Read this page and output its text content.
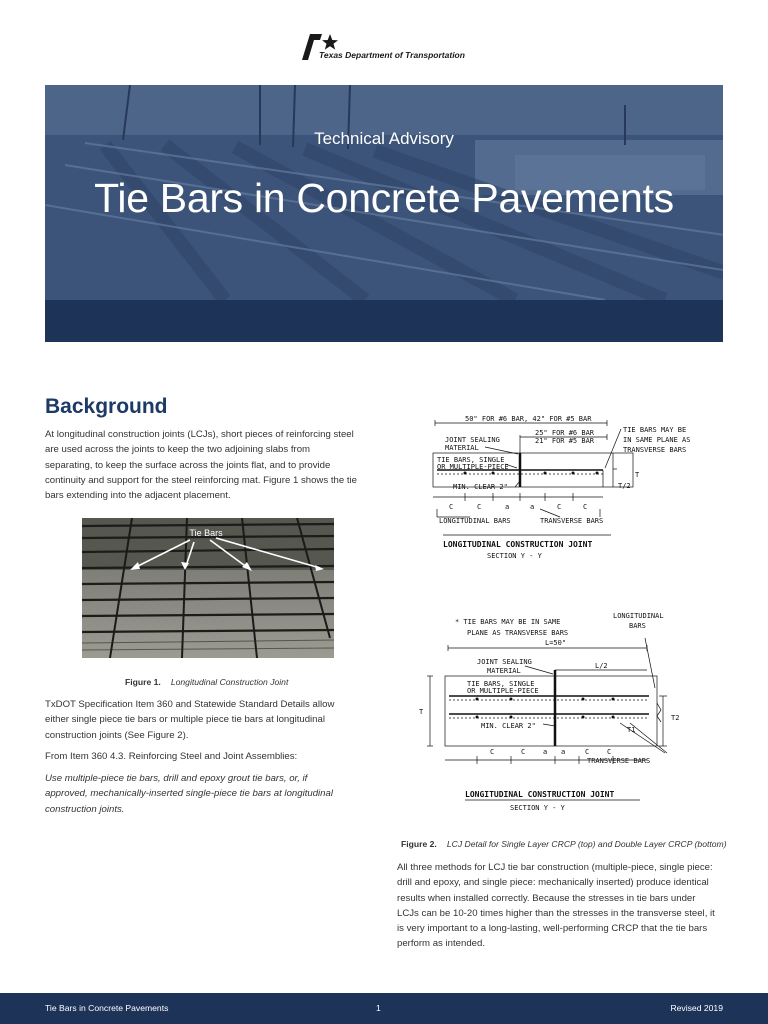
Texas Department of Transportation
Technical Advisory
Tie Bars in Concrete Pavements
Background

At longitudinal construction joints (LCJs), short pieces of reinforcing steel are used across the joints to keep the two adjoining slabs from separating, to keep the surface across the joints flat, and to provide continuity and support for the steel reinforcing mat. Figure 1 shows the tie bars extending into the adjacent placement.

Tie Bars
Figure 1. Longitudinal Construction Joint

TxDOT Specification Item 360 and Statewide Standard Details allow either single piece tie bars or multiple piece tie bars at longitudinal construction joints (See Figure 2).

From Item 360 4.3. Reinforcing Steel and Joint Assemblies:

Use multiple-piece tie bars, drill and epoxy grout tie bars, or, if approved, mechanically-inserted single-piece tie bars at longitudinal construction joints.

50" FOR #6 BAR, 42" FOR #5 BAR
25" FOR #6 BAR
21" FOR #5 BAR
JOINT SEALING
MATERIAL
TIE BARS MAY BE
IN SAME PLANE AS
TRANSVERSE BARS
TIE BARS, SINGLE
OR MULTIPLE-PIECE
MIN. CLEAR 2"
T
T/2
C	C	a	a	C	C
LONGITUDINAL BARS	TRANSVERSE BARS
LONGITUDINAL CONSTRUCTION JOINT
SECTION Y - Y
* TIE BARS MAY BE IN SAME
PLANE AS TRANSVERSE BARS
LONGITUDINAL
BARS
L=50"
L/2
JOINT SEALING
MATERIAL
TIE BARS, SINGLE
OR MULTIPLE-PIECE
MIN. CLEAR 2"
T
T1
T2
C	C	a a	C	C
TRANSVERSE BARS
LONGITUDINAL CONSTRUCTION JOINT
SECTION Y - Y
Figure 2. LCJ Detail for Single Layer CRCP (top) and Double Layer CRCP (bottom)

All three methods for LCJ tie bar construction (multiple-piece, single piece: drill and epoxy, and single piece: mechanically inserted) produce identical results when installed correctly. Because the stresses in tie bars under LCJs can be 10-20 times higher than the stresses in the transverse steel, it is very important to a long-lasting, well-performing CRCP that the tie bars perform as intended.

Tie Bars in Concrete Pavements	1	Revised 2019
